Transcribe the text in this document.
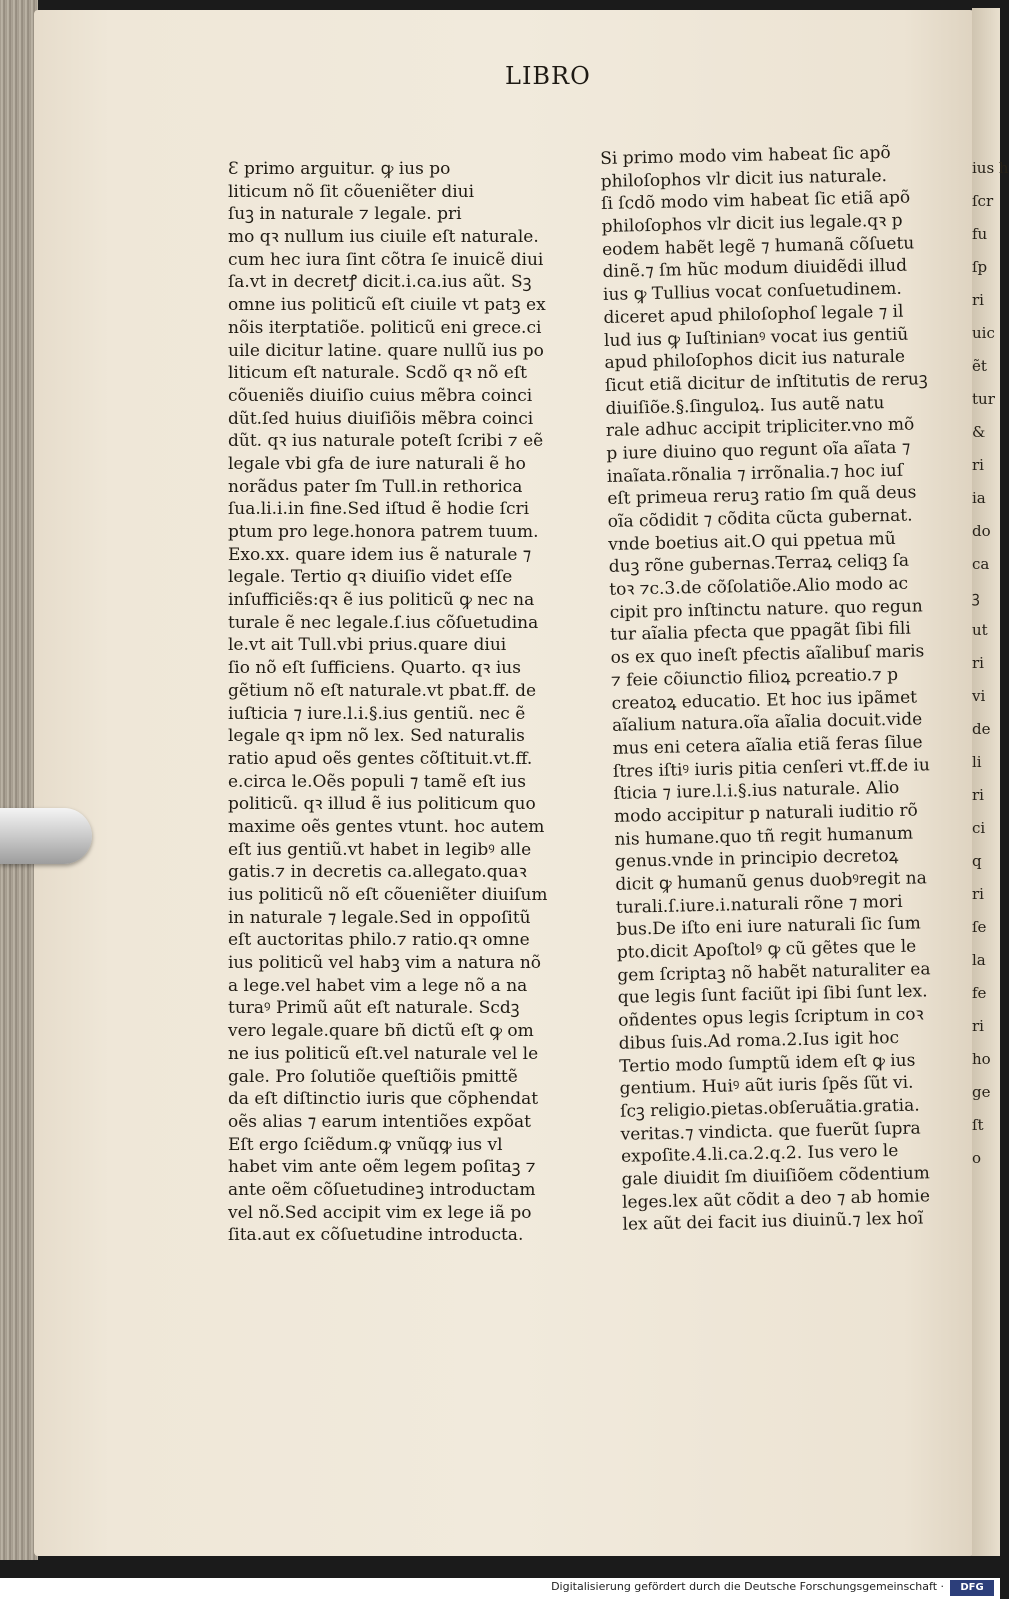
ius h
ſcr
fu
ſp
ri
uic
ẽt
tur
&
ri
ia
do
ca
ꝫ
ut
ri
vi
de
li
ri
ci
q
ri
ſe
la
fe
ri
ho
ge
ſt
o
LIBRO
Ɛ primo arguitur. ꝙ ius po
liticum nõ ſit cõueniẽter diui
ſuꝫ in naturale ⁊ legale. pri
mo qꝛ nullum ius ciuile eſt naturale.
cum hec iura ſint cõtra ſe inuicẽ diui
ſa.vt in decretꝭ dicit.i.ca.ius aũt. Sꝫ
omne ius politicũ eſt ciuile vt patꝫ ex
nõis iterptatiõe. politicũ eni grece.ci
uile dicitur latine. quare nullũ ius po
liticum eſt naturale. Scdõ qꝛ nõ eſt
cõueniẽs diuiſio cuius mẽbra coinci
dũt.ſed huius diuiſiõis mẽbra coinci
dũt. qꝛ ius naturale poteſt ſcribi ⁊ eẽ
legale vbi gfa de iure naturali ẽ ho
norãdus pater ſm Tull.in rethorica
ſua.li.i.in fine.Sed iſtud ẽ hodie ſcri
ptum pro lege.honora patrem tuum.
Exo.xx. quare idem ius ẽ naturale ⁊
legale. Tertio qꝛ diuiſio videt eſſe
inſufficiẽs:qꝛ ẽ ius politicũ ꝙ nec na
turale ẽ nec legale.ſ.ius cõſuetudina
le.vt ait Tull.vbi prius.quare diui
ſio nõ eſt ſufficiens. Quarto. qꝛ ius
gẽtium nõ eſt naturale.vt pbat.ff. de
iuſticia ⁊ iure.l.i.§.ius gentiũ. nec ẽ
legale qꝛ ipm nõ lex. Sed naturalis
ratio apud oẽs gentes cõſtituit.vt.ff.
e.circa le.Oẽs populi ⁊ tamẽ eſt ius
politicũ. qꝛ illud ẽ ius politicum quo
maxime oẽs gentes vtunt. hoc autem
eſt ius gentiũ.vt habet in legibꝰ alle
gatis.⁊ in decretis ca.allegato.quaꝛ
ius politicũ nõ eſt cõueniẽter diuiſum
in naturale ⁊ legale.Sed in oppoſitũ
eſt auctoritas philo.⁊ ratio.qꝛ omne
ius politicũ vel habꝫ vim a natura nõ
a lege.vel habet vim a lege nõ a na
turaꝰ Primũ aũt eſt naturale. Scdꝫ
vero legale.quare bñ dictũ eſt ꝙ om
ne ius politicũ eſt.vel naturale vel le
gale. Pro ſolutiõe queſtiõis pmittẽ
da eſt diſtinctio iuris que cõphendat
oẽs alias ⁊ earum intentiões expõat
Eſt ergo ſciẽdum.ꝙ vnũqꝙ ius vl
habet vim ante oẽm legem poſitaꝫ ⁊
ante oẽm cõſuetudineꝫ introductam
vel nõ.Sed accipit vim ex lege iã po
ſita.aut ex cõſuetudine introducta.
Si primo modo vim habeat ſic apõ
philoſophos vlr dicit ius naturale.
ſi ſcdõ modo vim habeat ſic etiã apõ
philoſophos vlr dicit ius legale.qꝛ p
eodem habẽt legẽ ⁊ humanã cõſuetu
dinẽ.⁊ ſm hũc modum diuidẽdi illud
ius ꝙ Tullius vocat conſuetudinem.
diceret apud philoſophoſ legale ⁊ il
lud ius ꝙ Iuſtinianꝰ vocat ius gentiũ
apud philoſophos dicit ius naturale
ſicut etiã dicitur de inſtitutis de reruꝫ
diuiſiõe.§.ſinguloꝝ. Ius autẽ natu
rale adhuc accipit tripliciter.vno mõ
p iure diuino quo regunt oĩa aĩata ⁊
inaĩata.rõnalia ⁊ irrõnalia.⁊ hoc iuſ
eſt primeua reruꝫ ratio ſm quã deus
oĩa cõdidit ⁊ cõdita cũcta gubernat.
vnde boetius ait.O qui ppetua mũ
duꝫ rõne gubernas.Terraꝝ celiqꝫ ſa
toꝛ ⁊c.3.de cõſolatiõe.Alio modo ac
cipit pro inſtinctu nature. quo regun
tur aĩalia pfecta que ppagãt ſibi fili
os ex quo ineſt pfectis aĩalibuſ maris
⁊ feie cõiunctio filioꝝ pcreatio.⁊ p
creatoꝝ educatio. Et hoc ius ipãmet
aĩalium natura.oĩa aĩalia docuit.vide
mus eni cetera aĩalia etiã feras ſilue
ſtres iſtiꝰ iuris pitia cenſeri vt.ff.de iu
ſticia ⁊ iure.l.i.§.ius naturale. Alio
modo accipitur p naturali iuditio rõ
nis humane.quo tñ regit humanum
genus.vnde in principio decretoꝝ
dicit ꝙ humanũ genus duobꝰregit na
turali.ſ.iure.i.naturali rõne ⁊ mori
bus.De iſto eni iure naturali ſic ſum
pto.dicit Apoſtolꝰ ꝙ cũ gẽtes que le
gem ſcriptaꝫ nõ habẽt naturaliter ea
que legis ſunt faciũt ipi ſibi ſunt lex.
oñdentes opus legis ſcriptum in coꝛ
dibus ſuis.Ad roma.2.Ius igit hoc
Tertio modo ſumptũ idem eſt ꝙ ius
gentium. Huiꝰ aũt iuris ſpẽs ſũt vi.
ſcꝫ religio.pietas.obſeruãtia.gratia.
veritas.⁊ vindicta. que fuerũt ſupra
expoſite.4.li.ca.2.q.2. Ius vero le
gale diuidit ſm diuiſiõem cõdentium
leges.lex aũt cõdit a deo ⁊ ab homie
lex aũt dei facit ius diuinũ.⁊ lex hoĩ
Digitalisierung gefördert durch die Deutsche Forschungsgemeinschaft ·	DFG
